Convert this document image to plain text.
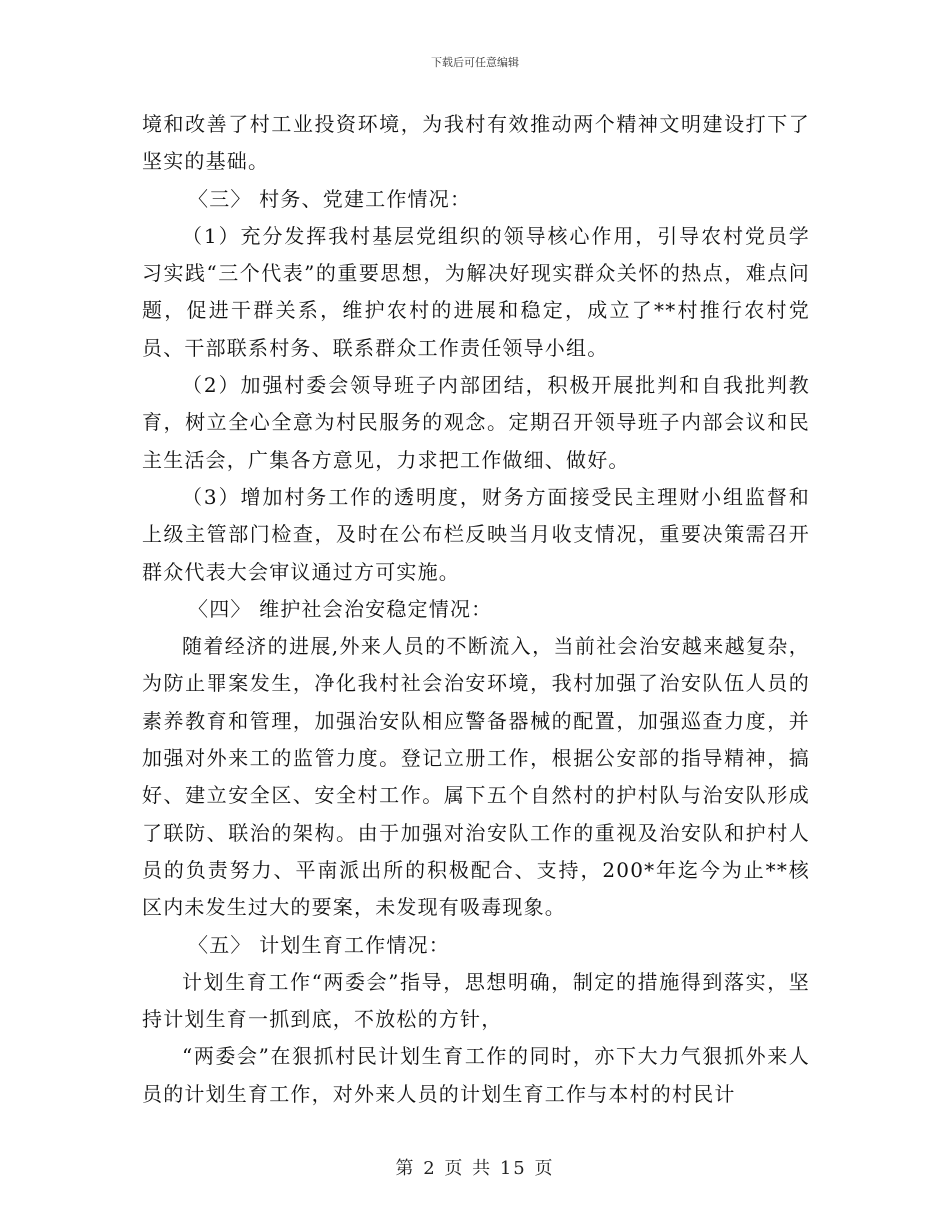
下载后可任意编辑

境和改善了村工业投资环境，为我村有效推动两个精神文明建设打下了坚实的基础。

〈三〉 村务、党建工作情况：

（1）充分发挥我村基层党组织的领导核心作用，引导农村党员学习实践“三个代表”的重要思想，为解决好现实群众关怀的热点，难点问题，促进干群关系，维护农村的进展和稳定，成立了**村推行农村党员、干部联系村务、联系群众工作责任领导小组。

（2）加强村委会领导班子内部团结，积极开展批判和自我批判教育，树立全心全意为村民服务的观念。定期召开领导班子内部会议和民主生活会，广集各方意见，力求把工作做细、做好。

（3）增加村务工作的透明度，财务方面接受民主理财小组监督和上级主管部门检查，及时在公布栏反映当月收支情况，重要决策需召开群众代表大会审议通过方可实施。

〈四〉 维护社会治安稳定情况：

随着经济的进展,外来人员的不断流入，当前社会治安越来越复杂，为防止罪案发生，净化我村社会治安环境，我村加强了治安队伍人员的素养教育和管理，加强治安队相应警备器械的配置，加强巡查力度，并加强对外来工的监管力度。登记立册工作，根据公安部的指导精神，搞好、建立安全区、安全村工作。属下五个自然村的护村队与治安队形成了联防、联治的架构。由于加强对治安队工作的重视及治安队和护村人员的负责努力、平南派出所的积极配合、支持，200*年迄今为止**核区内未发生过大的要案，未发现有吸毒现象。

〈五〉 计划生育工作情况：

计划生育工作“两委会”指导，思想明确，制定的措施得到落实，坚持计划生育一抓到底，不放松的方针，

“两委会”在狠抓村民计划生育工作的同时，亦下大力气狠抓外来人员的计划生育工作，对外来人员的计划生育工作与本村的村民计

第 2 页 共 15 页
